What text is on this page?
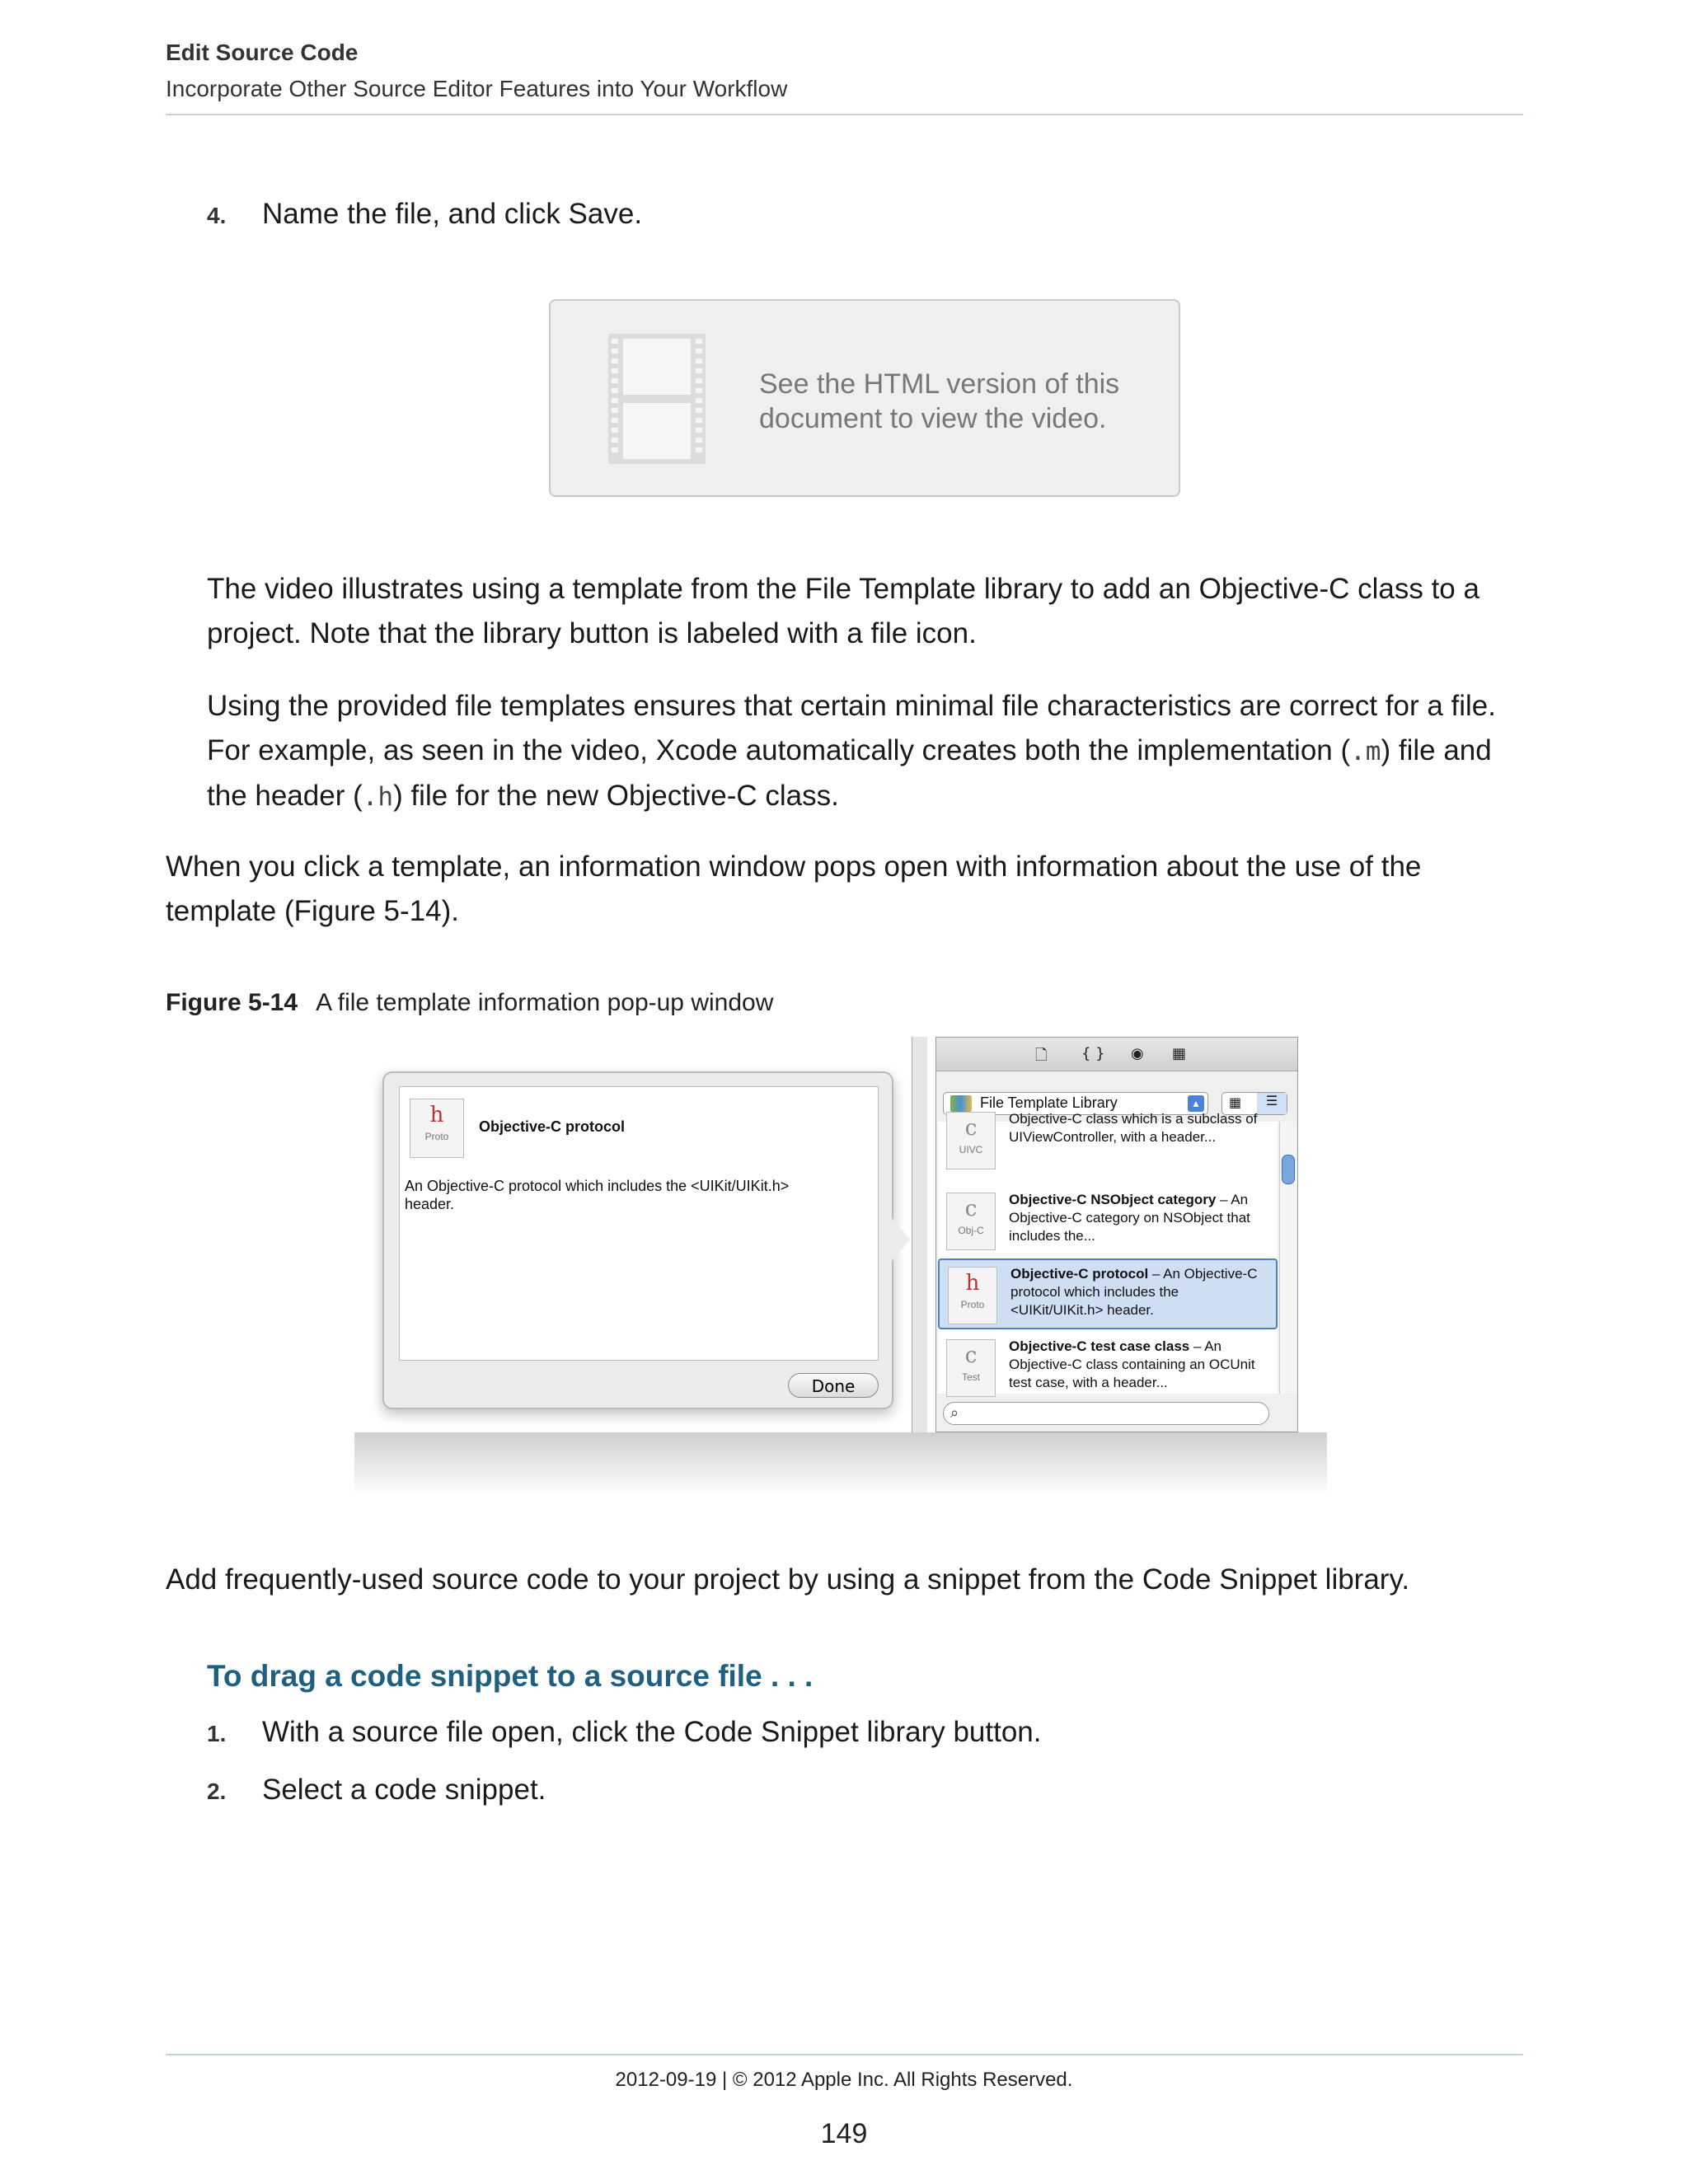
Edit Source Code
Incorporate Other Source Editor Features into Your Workflow
4. Name the file, and click Save.
See the HTML version of this document to view the video.
The video illustrates using a template from the File Template library to add an Objective-C class to a project. Note that the library button is labeled with a file icon.
Using the provided file templates ensures that certain minimal file characteristics are correct for a file. For example, as seen in the video, Xcode automatically creates both the implementation (.m) file and the header (.h) file for the new Objective-C class.
When you click a template, an information window pops open with information about the use of the template (Figure 5-14).
Figure 5-14 A file template information pop-up window
h
Proto
Objective-C protocol
An Objective-C protocol which includes the <UIKit/UIKit.h> header.
Done
🗋 { } ◉ ▦
File Template Library	▲ ▦	☰
c
UIVC
Objective-C class which is a subclass of UIViewController, with a header...
c
Obj-C
Objective-C NSObject category – An Objective-C category on NSObject that includes the...
h
Proto
Objective-C protocol – An Objective-C protocol which includes the <UIKit/UIKit.h> header.
c
Test
Objective-C test case class – An Objective-C class containing an OCUnit test case, with a header...
⌕
Add frequently-used source code to your project by using a snippet from the Code Snippet library.
To drag a code snippet to a source file . . .
1. With a source file open, click the Code Snippet library button.
2. Select a code snippet.
2012-09-19 | © 2012 Apple Inc. All Rights Reserved.
149
